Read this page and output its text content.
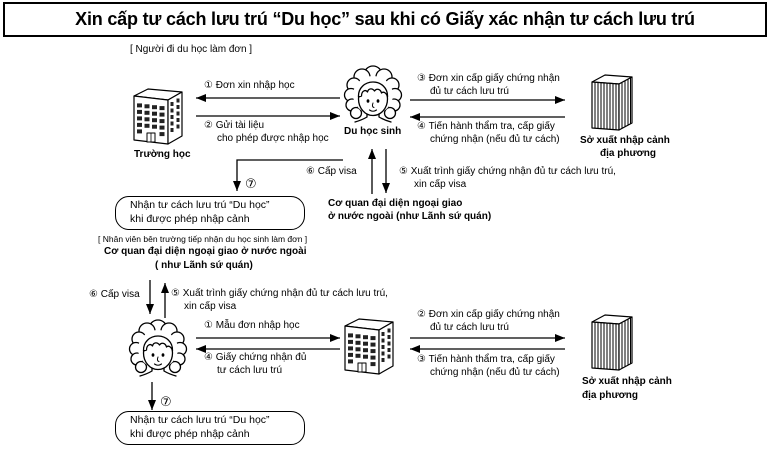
Xin cấp tư cách lưu trú “Du học” sau khi có Giấy xác nhận tư cách lưu trú
[ Người đi du học làm đơn ]
Trường học
① Đơn xin nhập học
② Gửi tài liệu
cho phép được nhập học
Du học sinh
③ Đơn xin cấp giấy chứng nhận
đủ tư cách lưu trú
④ Tiến hành thẩm tra, cấp giấy
chứng nhận (nếu đủ tư cách) Sở xuất nhập cảnh
địa phương
⑥ Cấp visa	⑤ Xuất trình giấy chứng nhận đủ tư cách lưu trú,
xin cấp visa
Cơ quan đại diện ngoại giao
ở nước ngoài (như Lãnh sứ quán)
⑦
Nhận tư cách lưu trú “Du học”
khi được phép nhập cảnh
[ Nhân viên bên trường tiếp nhận du học sinh làm đơn ]
Cơ quan đại diện ngoại giao ở nước ngoài
( như Lãnh sứ quán)
⑥ Cấp visa	⑤ Xuất trình giấy chứng nhận đủ tư cách lưu trú,
xin cấp visa
① Mẫu đơn nhập học
④ Giấy chứng nhận đủ
tư cách lưu trú
② Đơn xin cấp giấy chứng nhận
đủ tư cách lưu trú
③ Tiến hành thẩm tra, cấp giấy
chứng nhận (nếu đủ tư cách)
Sở xuất nhập cảnh
địa phương
⑦
Nhận tư cách lưu trú “Du học”
khi được phép nhập cảnh
